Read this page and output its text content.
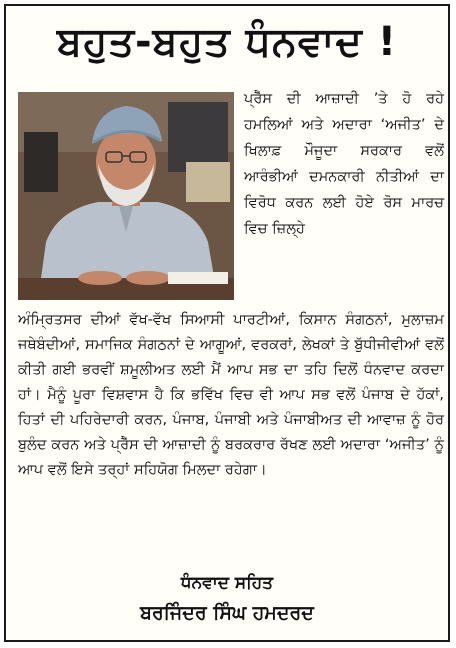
ਬਹੁਤ-ਬਹੁਤ ਧੰਨਵਾਦ !

ਪ੍ਰੈੱਸ ਦੀ ਆਜ਼ਾਦੀ ’ਤੇ ਹੋ ਰਹੇ ਹਮਲਿਆਂ ਅਤੇ ਅਦਾਰਾ ‘ਅਜੀਤ’ ਦੇ ਖਿਲਾਫ਼ ਮੌਜੂਦਾ ਸਰਕਾਰ ਵਲੋਂ ਆਰੰਭੀਆਂ ਦਮਨਕਾਰੀ ਨੀਤੀਆਂ ਦਾ ਵਿਰੋਧ ਕਰਨ ਲਈ ਹੋਏ ਰੋਸ ਮਾਰਚ ਵਿਚ ਜ਼ਿਲ੍ਹੇ

ਅੰਮ੍ਰਿਤਸਰ ਦੀਆਂ ਵੱਖ-ਵੱਖ ਸਿਆਸੀ ਪਾਰਟੀਆਂ, ਕਿਸਾਨ ਸੰਗਠਨਾਂ, ਮੁਲਾਜ਼ਮ ਜਥੇਬੰਦੀਆਂ, ਸਮਾਜਿਕ ਸੰਗਠਨਾਂ ਦੇ ਆਗੂਆਂ, ਵਰਕਰਾਂ, ਲੇਖਕਾਂ ਤੇ ਬੁੱਧੀਜੀਵੀਆਂ ਵਲੋਂ ਕੀਤੀ ਗਈ ਭਰਵੀਂ ਸ਼ਮੂਲੀਅਤ ਲਈ ਮੈਂ ਆਪ ਸਭ ਦਾ ਤਹਿ ਦਿਲੋਂ ਧੰਨਵਾਦ ਕਰਦਾ ਹਾਂ। ਮੈਨੂੰ ਪੂਰਾ ਵਿਸ਼ਵਾਸ ਹੈ ਕਿ ਭਵਿੱਖ ਵਿਚ ਵੀ ਆਪ ਸਭ ਵਲੋਂ ਪੰਜਾਬ ਦੇ ਹੱਕਾਂ, ਹਿਤਾਂ ਦੀ ਪਹਿਰੇਦਾਰੀ ਕਰਨ, ਪੰਜਾਬ, ਪੰਜਾਬੀ ਅਤੇ ਪੰਜਾਬੀਅਤ ਦੀ ਆਵਾਜ਼ ਨੂੰ ਹੋਰ ਬੁਲੰਦ ਕਰਨ ਅਤੇ ਪ੍ਰੈੱਸ ਦੀ ਆਜ਼ਾਦੀ ਨੂੰ ਬਰਕਰਾਰ ਰੱਖਣ ਲਈ ਅਦਾਰਾ ‘ਅਜੀਤ’ ਨੂੰ ਆਪ ਵਲੋਂ ਇਸੇ ਤਰ੍ਹਾਂ ਸਹਿਯੋਗ ਮਿਲਦਾ ਰਹੇਗਾ।

ਧੰਨਵਾਦ ਸਹਿਤ
ਬਰਜਿੰਦਰ ਸਿੰਘ ਹਮਦਰਦ
